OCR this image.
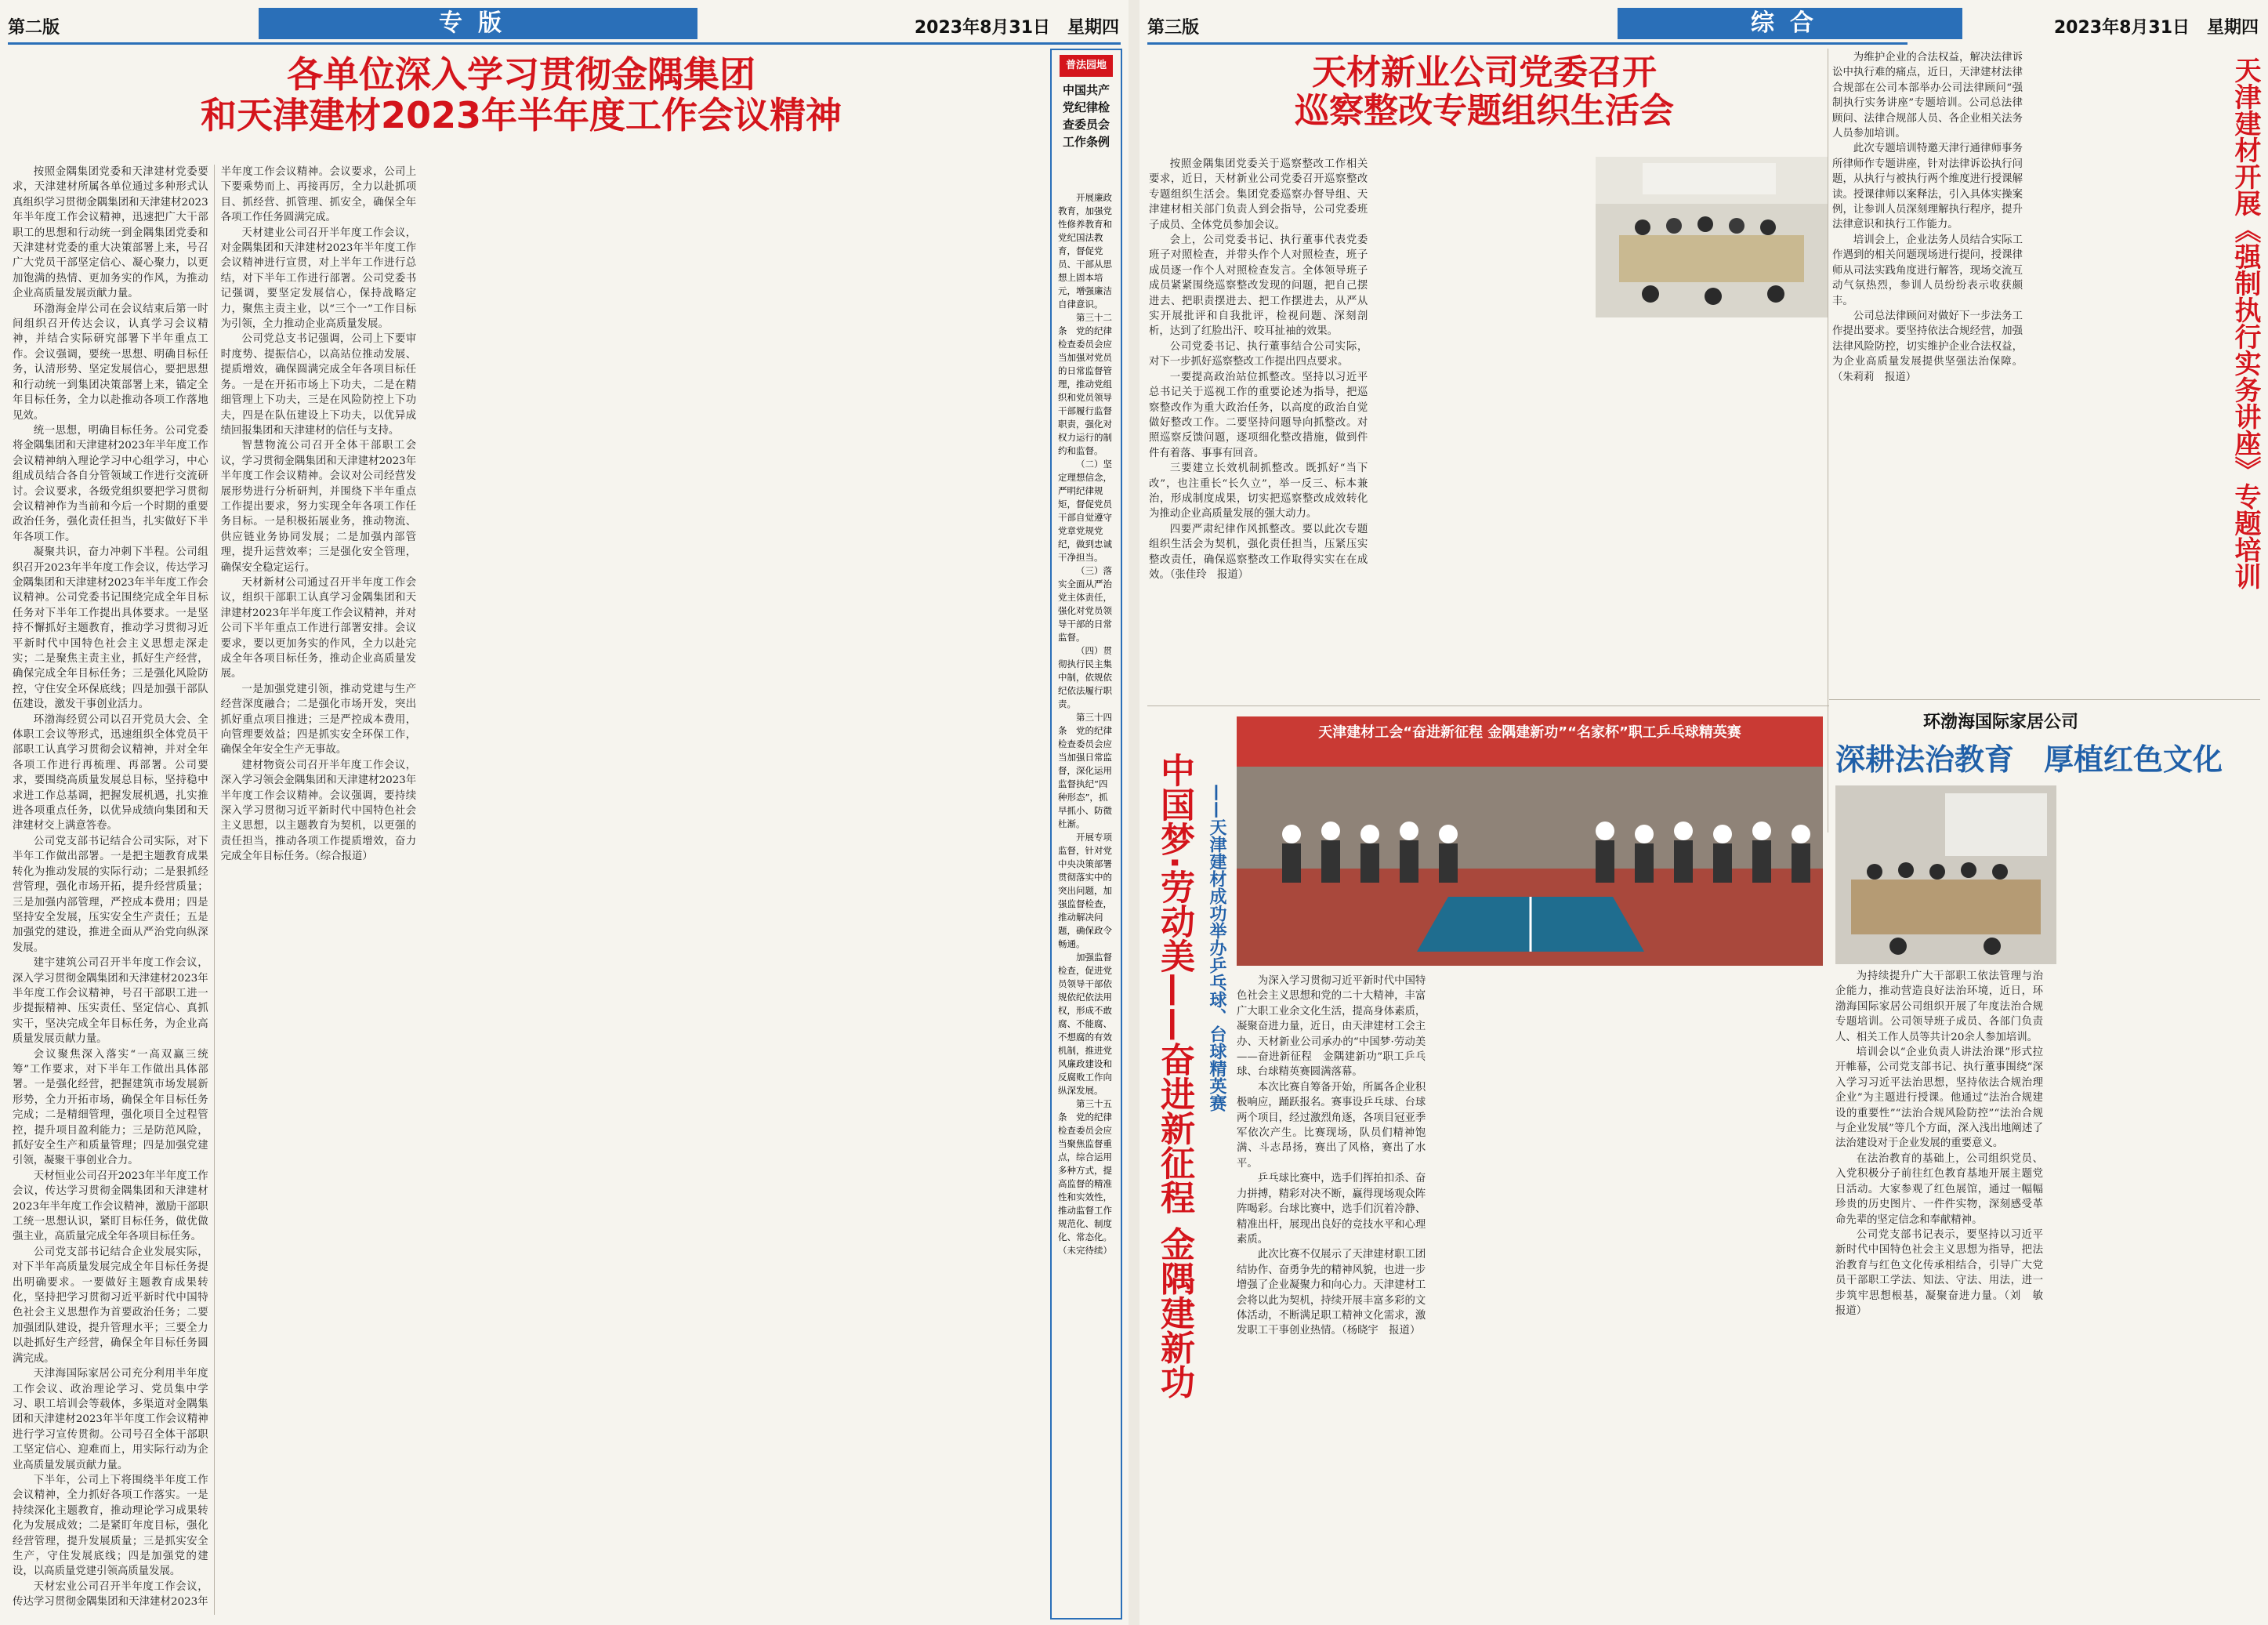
第二版	专版	2023年8月31日　星期四
各单位深入学习贯彻金隅集团
和天津建材2023年半年度工作会议精神

按照金隅集团党委和天津建材党委要求，天津建材所属各单位通过多种形式认真组织学习贯彻金隅集团和天津建材2023年半年度工作会议精神，迅速把广大干部职工的思想和行动统一到金隅集团党委和天津建材党委的重大决策部署上来，号召广大党员干部坚定信心、凝心聚力，以更加饱满的热情、更加务实的作风，为推动企业高质量发展贡献力量。

环渤海金岸公司在会议结束后第一时间组织召开传达会议，认真学习会议精神，并结合实际研究部署下半年重点工作。会议强调，要统一思想、明确目标任务，认清形势、坚定发展信心，要把思想和行动统一到集团决策部署上来，锚定全年目标任务，全力以赴推动各项工作落地见效。

统一思想，明确目标任务。公司党委将金隅集团和天津建材2023年半年度工作会议精神纳入理论学习中心组学习，中心组成员结合各自分管领域工作进行交流研讨。会议要求，各级党组织要把学习贯彻会议精神作为当前和今后一个时期的重要政治任务，强化责任担当，扎实做好下半年各项工作。

凝聚共识，奋力冲刺下半程。公司组织召开2023年半年度工作会议，传达学习金隅集团和天津建材2023年半年度工作会议精神。公司党委书记围绕完成全年目标任务对下半年工作提出具体要求。一是坚持不懈抓好主题教育，推动学习贯彻习近平新时代中国特色社会主义思想走深走实；二是聚焦主责主业，抓好生产经营，确保完成全年目标任务；三是强化风险防控，守住安全环保底线；四是加强干部队伍建设，激发干事创业活力。

环渤海经贸公司以召开党员大会、全体职工会议等形式，迅速组织全体党员干部职工认真学习贯彻会议精神，并对全年各项工作进行再梳理、再部署。公司要求，要围绕高质量发展总目标，坚持稳中求进工作总基调，把握发展机遇，扎实推进各项重点任务，以优异成绩向集团和天津建材交上满意答卷。

公司党支部书记结合公司实际，对下半年工作做出部署。一是把主题教育成果转化为推动发展的实际行动；二是狠抓经营管理，强化市场开拓，提升经营质量；三是加强内部管理，严控成本费用；四是坚持安全发展，压实安全生产责任；五是加强党的建设，推进全面从严治党向纵深发展。

建宇建筑公司召开半年度工作会议，深入学习贯彻金隅集团和天津建材2023年半年度工作会议精神，号召干部职工进一步提振精神、压实责任、坚定信心、真抓实干，坚决完成全年目标任务，为企业高质量发展贡献力量。

会议聚焦深入落实“一高双赢三统筹”工作要求，对下半年工作做出具体部署。一是强化经营，把握建筑市场发展新形势，全力开拓市场，确保全年目标任务完成；二是精细管理，强化项目全过程管控，提升项目盈利能力；三是防范风险，抓好安全生产和质量管理；四是加强党建引领，凝聚干事创业合力。

天材恒业公司召开2023年半年度工作会议，传达学习贯彻金隅集团和天津建材2023年半年度工作会议精神，激励干部职工统一思想认识，紧盯目标任务，做优做强主业，高质量完成全年各项目标任务。

公司党支部书记结合企业发展实际，对下半年高质量发展完成全年目标任务提出明确要求。一要做好主题教育成果转化，坚持把学习贯彻习近平新时代中国特色社会主义思想作为首要政治任务；二要加强团队建设，提升管理水平；三要全力以赴抓好生产经营，确保全年目标任务圆满完成。

天津海国际家居公司充分利用半年度工作会议、政治理论学习、党员集中学习、职工培训会等载体，多渠道对金隅集团和天津建材2023年半年度工作会议精神进行学习宣传贯彻。公司号召全体干部职工坚定信心、迎难而上，用实际行动为企业高质量发展贡献力量。

下半年，公司上下将围绕半年度工作会议精神，全力抓好各项工作落实。一是持续深化主题教育，推动理论学习成果转化为发展成效；二是紧盯年度目标，强化经营管理，提升发展质量；三是抓实安全生产，守住发展底线；四是加强党的建设，以高质量党建引领高质量发展。

天材宏业公司召开半年度工作会议，传达学习贯彻金隅集团和天津建材2023年半年度工作会议精神。会议要求，公司上下要乘势而上、再接再厉，全力以赴抓项目、抓经营、抓管理、抓安全，确保全年各项工作任务圆满完成。

天材建业公司召开半年度工作会议，对金隅集团和天津建材2023年半年度工作会议精神进行宣贯，对上半年工作进行总结，对下半年工作进行部署。公司党委书记强调，要坚定发展信心，保持战略定力，聚焦主责主业，以“三个一”工作目标为引领，全力推动企业高质量发展。

公司党总支书记强调，公司上下要审时度势、提振信心，以高站位推动发展、提质增效，确保圆满完成全年各项目标任务。一是在开拓市场上下功夫，二是在精细管理上下功夫，三是在风险防控上下功夫，四是在队伍建设上下功夫，以优异成绩回报集团和天津建材的信任与支持。

智慧物流公司召开全体干部职工会议，学习贯彻金隅集团和天津建材2023年半年度工作会议精神。会议对公司经营发展形势进行分析研判，并围绕下半年重点工作提出要求，努力实现全年各项工作任务目标。一是积极拓展业务，推动物流、供应链业务协同发展；二是加强内部管理，提升运营效率；三是强化安全管理，确保安全稳定运行。

天材新材公司通过召开半年度工作会议，组织干部职工认真学习金隅集团和天津建材2023年半年度工作会议精神，并对公司下半年重点工作进行部署安排。会议要求，要以更加务实的作风，全力以赴完成全年各项目标任务，推动企业高质量发展。

一是加强党建引领，推动党建与生产经营深度融合；二是强化市场开发，突出抓好重点项目推进；三是严控成本费用，向管理要效益；四是抓实安全环保工作，确保全年安全生产无事故。

建材物资公司召开半年度工作会议，深入学习领会金隅集团和天津建材2023年半年度工作会议精神。会议强调，要持续深入学习贯彻习近平新时代中国特色社会主义思想，以主题教育为契机，以更强的责任担当，推动各项工作提质增效，奋力完成全年目标任务。（综合报道）

普法园地
中国共产党纪律检查委员会工作条例

开展廉政教育，加强党性修养教育和党纪国法教育，督促党员、干部从思想上固本培元，增强廉洁自律意识。

第三十二条　党的纪律检查委员会应当加强对党员的日常监督管理，推动党组织和党员领导干部履行监督职责，强化对权力运行的制约和监督。

（二）坚定理想信念，严明纪律规矩，督促党员干部自觉遵守党章党规党纪，做到忠诚干净担当。

（三）落实全面从严治党主体责任，强化对党员领导干部的日常监督。

（四）贯彻执行民主集中制，依规依纪依法履行职责。

第三十四条　党的纪律检查委员会应当加强日常监督，深化运用监督执纪“四种形态”，抓早抓小、防微杜渐。

开展专项监督，针对党中央决策部署贯彻落实中的突出问题，加强监督检查，推动解决问题，确保政令畅通。

加强监督检查，促进党员领导干部依规依纪依法用权，形成不敢腐、不能腐、不想腐的有效机制，推进党风廉政建设和反腐败工作向纵深发展。

第三十五条　党的纪律检查委员会应当聚焦监督重点，综合运用多种方式，提高监督的精准性和实效性，推动监督工作规范化、制度化、常态化。（未完待续）

第三版	综合	2023年8月31日　星期四
天材新业公司党委召开
巡察整改专题组织生活会

按照金隅集团党委关于巡察整改工作相关要求，近日，天材新业公司党委召开巡察整改专题组织生活会。集团党委巡察办督导组、天津建材相关部门负责人到会指导，公司党委班子成员、全体党员参加会议。

会上，公司党委书记、执行董事代表党委班子对照检查，并带头作个人对照检查，班子成员逐一作个人对照检查发言。全体领导班子成员紧紧围绕巡察整改发现的问题，把自己摆进去、把职责摆进去、把工作摆进去，从严从实开展批评和自我批评，检视问题、深刻剖析，达到了红脸出汗、咬耳扯袖的效果。

公司党委书记、执行董事结合公司实际，对下一步抓好巡察整改工作提出四点要求。

一要提高政治站位抓整改。坚持以习近平总书记关于巡视工作的重要论述为指导，把巡察整改作为重大政治任务，以高度的政治自觉做好整改工作。二要坚持问题导向抓整改。对照巡察反馈问题，逐项细化整改措施，做到件件有着落、事事有回音。

三要建立长效机制抓整改。既抓好“当下改”，也注重长“长久立”，举一反三、标本兼治，形成制度成果，切实把巡察整改成效转化为推动企业高质量发展的强大动力。

四要严肃纪律作风抓整改。要以此次专题组织生活会为契机，强化责任担当，压紧压实整改责任，确保巡察整改工作取得实实在在成效。（张佳玲　报道）

为维护企业的合法权益，解决法律诉讼中执行难的痛点，近日，天津建材法律合规部在公司本部举办公司法律顾问“强制执行实务讲座”专题培训。公司总法律顾问、法律合规部人员、各企业相关法务人员参加培训。

此次专题培训特邀天津行通律师事务所律师作专题讲座，针对法律诉讼执行问题，从执行与被执行两个维度进行授课解读。授课律师以案释法，引入具体实操案例，让参训人员深刻理解执行程序，提升法律意识和执行工作能力。

培训会上，企业法务人员结合实际工作遇到的相关问题现场进行提问，授课律师从司法实践角度进行解答，现场交流互动气氛热烈，参训人员纷纷表示收获颇丰。

公司总法律顾问对做好下一步法务工作提出要求。要坚持依法合规经营，加强法律风险防控，切实维护企业合法权益，为企业高质量发展提供坚强法治保障。（朱莉莉　报道）	天津建材开展《强制执行实务讲座》专题培训
中国梦·劳动美——奋进新征程 金隅建新功 ——天津建材成功举办乒乓球、台球精英赛
天津建材工会“奋进新征程 金隅建新功”“名家杯”职工乒乓球精英赛

为深入学习贯彻习近平新时代中国特色社会主义思想和党的二十大精神，丰富广大职工业余文化生活，提高身体素质，凝聚奋进力量，近日，由天津建材工会主办、天材新业公司承办的“中国梦·劳动美——奋进新征程　金隅建新功”职工乒乓球、台球精英赛圆满落幕。

本次比赛自筹备开始，所属各企业积极响应，踊跃报名。赛事设乒乓球、台球两个项目，经过激烈角逐，各项目冠亚季军依次产生。比赛现场，队员们精神饱满、斗志昂扬，赛出了风格，赛出了水平。

乒乓球比赛中，选手们挥拍扣杀、奋力拼搏，精彩对决不断，赢得现场观众阵阵喝彩。台球比赛中，选手们沉着冷静、精准出杆，展现出良好的竞技水平和心理素质。

此次比赛不仅展示了天津建材职工团结协作、奋勇争先的精神风貌，也进一步增强了企业凝聚力和向心力。天津建材工会将以此为契机，持续开展丰富多彩的文体活动，不断满足职工精神文化需求，激发职工干事创业热情。（杨晓宇　报道）

环渤海国际家居公司
深耕法治教育　厚植红色文化

为持续提升广大干部职工依法管理与治企能力，推动营造良好法治环境，近日，环渤海国际家居公司组织开展了年度法治合规专题培训。公司领导班子成员、各部门负责人、相关工作人员等共计20余人参加培训。

培训会以“企业负责人讲法治课”形式拉开帷幕，公司党支部书记、执行董事围绕“深入学习习近平法治思想，坚持依法合规治理企业”为主题进行授课。他通过“法治合规建设的重要性”“法治合规风险防控”“法治合规与企业发展”等几个方面，深入浅出地阐述了法治建设对于企业发展的重要意义。

在法治教育的基础上，公司组织党员、入党积极分子前往红色教育基地开展主题党日活动。大家参观了红色展馆，通过一幅幅珍贵的历史图片、一件件实物，深刻感受革命先辈的坚定信念和奉献精神。

公司党支部书记表示，要坚持以习近平新时代中国特色社会主义思想为指导，把法治教育与红色文化传承相结合，引导广大党员干部职工学法、知法、守法、用法，进一步筑牢思想根基，凝聚奋进力量。（刘　敏　报道）
